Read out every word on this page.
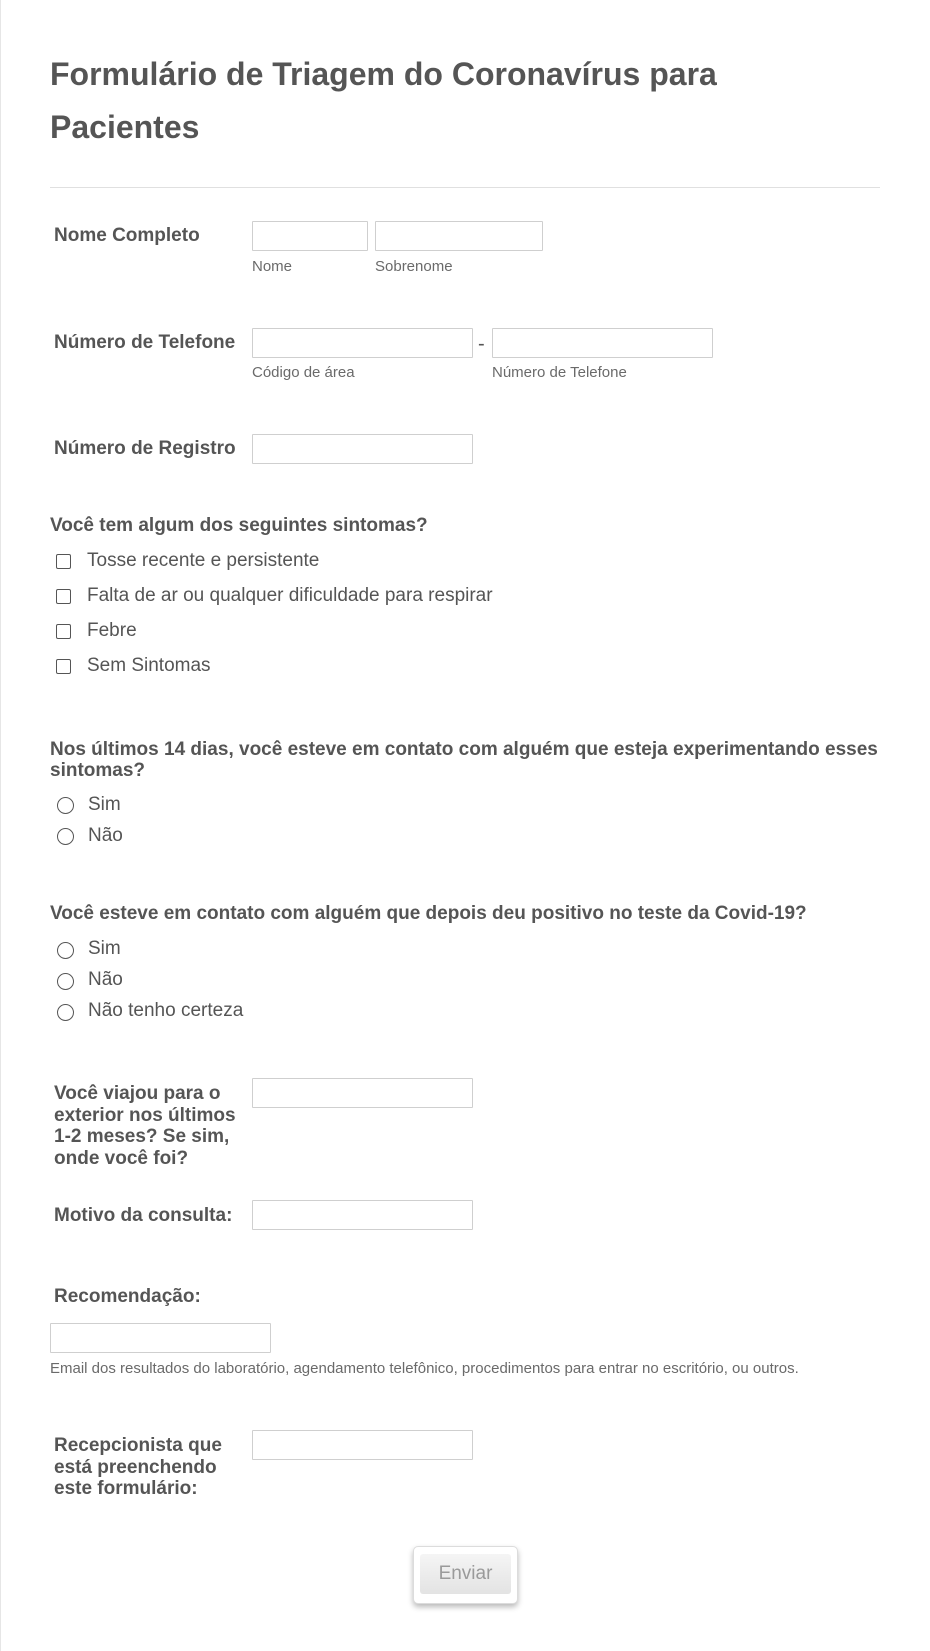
Formulário de Triagem do Coronavírus para Pacientes
Nome Completo
Nome	Sobrenome
Número de Telefone	-
Código de área	Número de Telefone
Número de Registro
Você tem algum dos seguintes sintomas?
Tosse recente e persistente
Falta de ar ou qualquer dificuldade para respirar
Febre
Sem Sintomas
Nos últimos 14 dias, você esteve em contato com alguém que esteja experimentando esses sintomas?
Sim
Não
Você esteve em contato com alguém que depois deu positivo no teste da Covid-19?
Sim
Não
Não tenho certeza
Você viajou para o exterior nos últimos 1-2 meses? Se sim, onde você foi?
Motivo da consulta:
Recomendação:
Email dos resultados do laboratório, agendamento telefônico, procedimentos para entrar no escritório, ou outros.
Recepcionista que está preenchendo este formulário:
Enviar
